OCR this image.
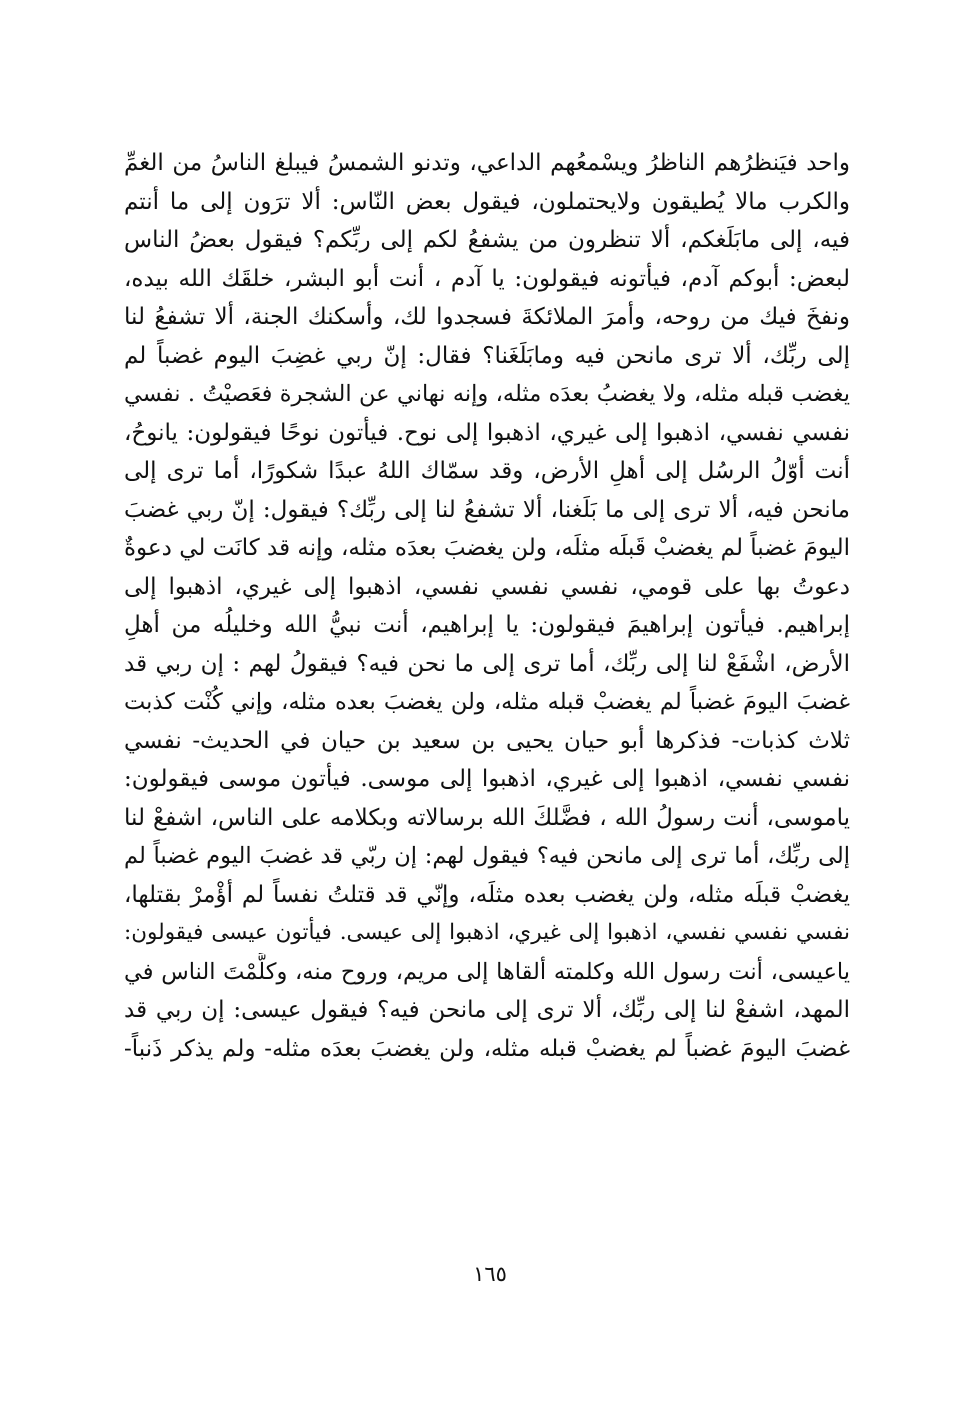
واحد فيَنظرُهم الناظرُ ويسْمعُهم الداعي، وتدنو الشمسُ فيبلغ الناسُ من الغمِّ
والكرب مالا يُطيقون ولايحتملون، فيقول بعض النّاس: ألا ترَون إلى ما أنتم
فيه، إلى مابَلَغكم، ألا تنظرون من يشفعُ لكم إلى ربِّكم؟ فيقول بعضُ الناس
لبعض: أبوكم آدم، فيأتونه فيقولون: يا آدم ، أنت أبو البشر، خلقَك الله بيده،
ونفخَ فيك من روحه، وأمرَ الملائكةَ فسجدوا لك، وأسكنك الجنة، ألا تشفعُ لنا
إلى ربِّك، ألا ترى مانحن فيه ومابَلَغَنا؟ فقال: إنّ ربي غضِبَ اليوم غضباً لم
يغضب قبله مثله، ولا يغضبُ بعدَه مثله، وإنه نهاني عن الشجرة فعَصيْتُ . نفسي
نفسي نفسي، اذهبوا إلى غيري، اذهبوا إلى نوح. فيأتون نوحًا فيقولون: يانوحُ،
أنت أوّلُ الرسُل إلى أهلِ الأرض، وقد سمّاك اللهُ عبدًا شكورًا، أما ترى إلى
مانحن فيه، ألا ترى إلى ما بَلَغنا، ألا تشفعُ لنا إلى ربِّك؟ فيقول: إنّ ربي غضبَ
اليومَ غضباً لم يغضبْ قَبلَه مثلَه، ولن يغضبَ بعدَه مثله، وإنه قد كانَت لي دعوةٌ
دعوتُ بها على قومي، نفسي نفسي نفسي، اذهبوا إلى غيري، اذهبوا إلى
إبراهيم. فيأتون إبراهيمَ فيقولون: يا إبراهيم، أنت نبيُّ الله وخليلُه من أهلِ
الأرض، اشْفَعْ لنا إلى ربِّك، أما ترى إلى ما نحن فيه؟ فيقولُ لهم : إن ربي قد
غضبَ اليومَ غضباً لم يغضبْ قبله مثله، ولن يغضبَ بعده مثله، وإني كُنْت كذبت
ثلاث كذبات- فذكرها أبو حيان يحيى بن سعيد بن حيان في الحديث- نفسي
نفسي نفسي، اذهبوا إلى غيري، اذهبوا إلى موسى. فيأتون موسى فيقولون:
ياموسى، أنت رسولُ الله ، فضَّلكَ الله برسالاته وبكلامه على الناس، اشفعْ لنا
إلى ربِّك، أما ترى إلى مانحن فيه؟ فيقول لهم: إن ربّي قد غضبَ اليوم غضباً لم
يغضبْ قبلَه مثله، ولن يغضب بعده مثلَه، وإنّي قد قتلتُ نفساً لم أؤْمرْ بقتلها،
نفسي نفسي نفسي، اذهبوا إلى غيري، اذهبوا إلى عيسى. فيأتون عيسى فيقولون:
ياعيسى، أنت رسول الله وكلمته ألقاها إلى مريم، وروح منه، وكلَّمْتَ الناس في
المهد، اشفعْ لنا إلى ربِّك، ألا ترى إلى مانحن فيه؟ فيقول عيسى: إن ربي قد
غضبَ اليومَ غضباً لم يغضبْ قبله مثله، ولن يغضبَ بعدَه مثله- ولم يذكر ذَنباً-
١٦٥
